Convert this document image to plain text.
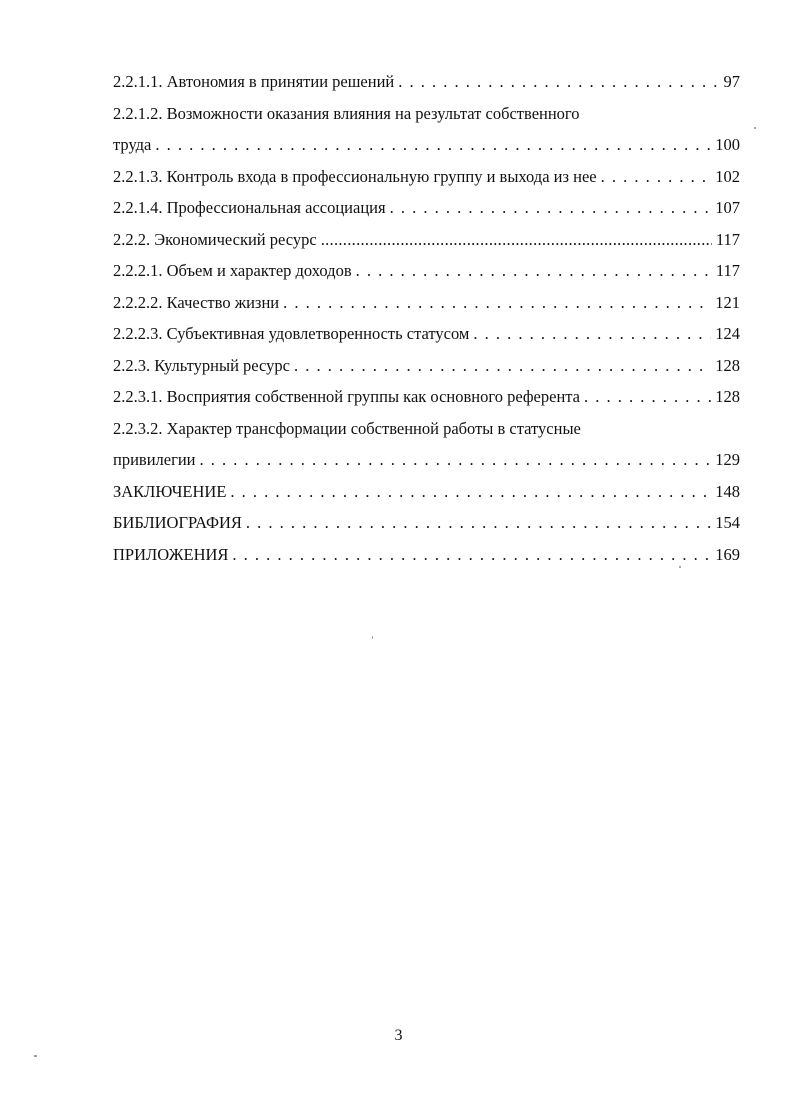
2.2.1.1. Автономия в принятии решений . . .	97
2.2.1.2. Возможности оказания влияния на результат собственного
труда . . .	100
2.2.1.3. Контроль входа в профессиональную группу и выхода из нее . . .	102
2.2.1.4. Профессиональная ассоциация . . .	107
2.2.2. Экономический ресурс .....	117
2.2.2.1. Объем и характер доходов . . .	117
2.2.2.2. Качество жизни . . .	121
2.2.2.3. Субъективная удовлетворенность статусом . . .	124
2.2.3. Культурный ресурс . . .	128
2.2.3.1. Восприятия собственной группы как основного референта . . .	128
2.2.3.2. Характер трансформации собственной работы в статусные
привилегии . . .	129
ЗАКЛЮЧЕНИЕ . . .	148
БИБЛИОГРАФИЯ . . .	154
ПРИЛОЖЕНИЯ . . .	169
3
